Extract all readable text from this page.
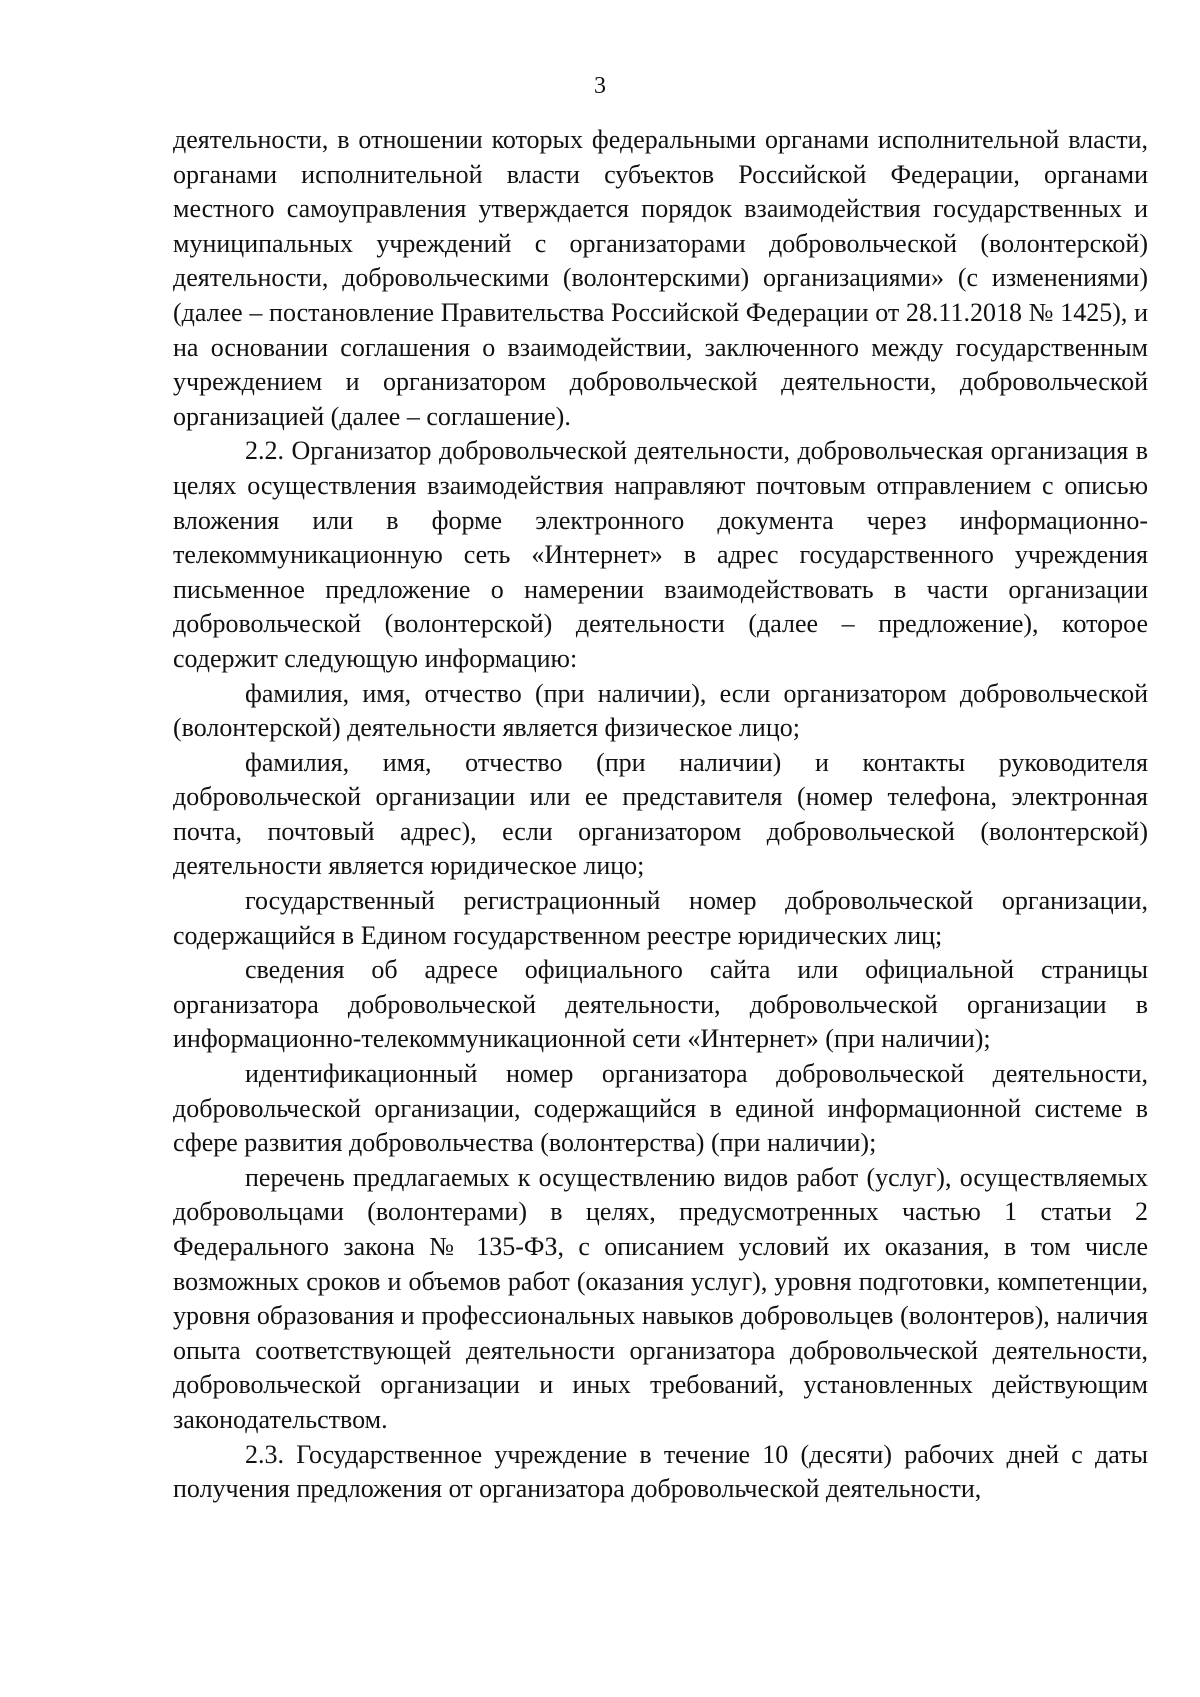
3

деятельности, в отношении которых федеральными органами исполнительной власти, органами исполнительной власти субъектов Российской Федерации, органами местного самоуправления утверждается порядок взаимодействия государственных и муниципальных учреждений с организаторами добровольческой (волонтерской) деятельности, добровольческими (волонтерскими) организациями» (с изменениями) (далее – постановление Правительства Российской Федерации от 28.11.2018 № 1425), и на основании соглашения о взаимодействии, заключенного между государственным учреждением и организатором добровольческой деятельности, добровольческой организацией (далее – соглашение).

2.2. Организатор добровольческой деятельности, добровольческая организация в целях осуществления взаимодействия направляют почтовым отправлением с описью вложения или в форме электронного документа через информационно-телекоммуникационную сеть «Интернет» в адрес государственного учреждения письменное предложение о намерении взаимодействовать в части организации добровольческой (волонтерской) деятельности (далее – предложение), которое содержит следующую информацию:

фамилия, имя, отчество (при наличии), если организатором добровольческой (волонтерской) деятельности является физическое лицо;

фамилия, имя, отчество (при наличии) и контакты руководителя добровольческой организации или ее представителя (номер телефона, электронная почта, почтовый адрес), если организатором добровольческой (волонтерской) деятельности является юридическое лицо;

государственный регистрационный номер добровольческой организации, содержащийся в Едином государственном реестре юридических лиц;

сведения об адресе официального сайта или официальной страницы организатора добровольческой деятельности, добровольческой организации в информационно-телекоммуникационной сети «Интернет» (при наличии);

идентификационный номер организатора добровольческой деятельности, добровольческой организации, содержащийся в единой информационной системе в сфере развития добровольчества (волонтерства) (при наличии);

перечень предлагаемых к осуществлению видов работ (услуг), осуществляемых добровольцами (волонтерами) в целях, предусмотренных частью 1 статьи 2 Федерального закона № 135-ФЗ, с описанием условий их оказания, в том числе возможных сроков и объемов работ (оказания услуг), уровня подготовки, компетенции, уровня образования и профессиональных навыков добровольцев (волонтеров), наличия опыта соответствующей деятельности организатора добровольческой деятельности, добровольческой организации и иных требований, установленных действующим законодательством.

2.3. Государственное учреждение в течение 10 (десяти) рабочих дней с даты получения предложения от организатора добровольческой деятельности,
